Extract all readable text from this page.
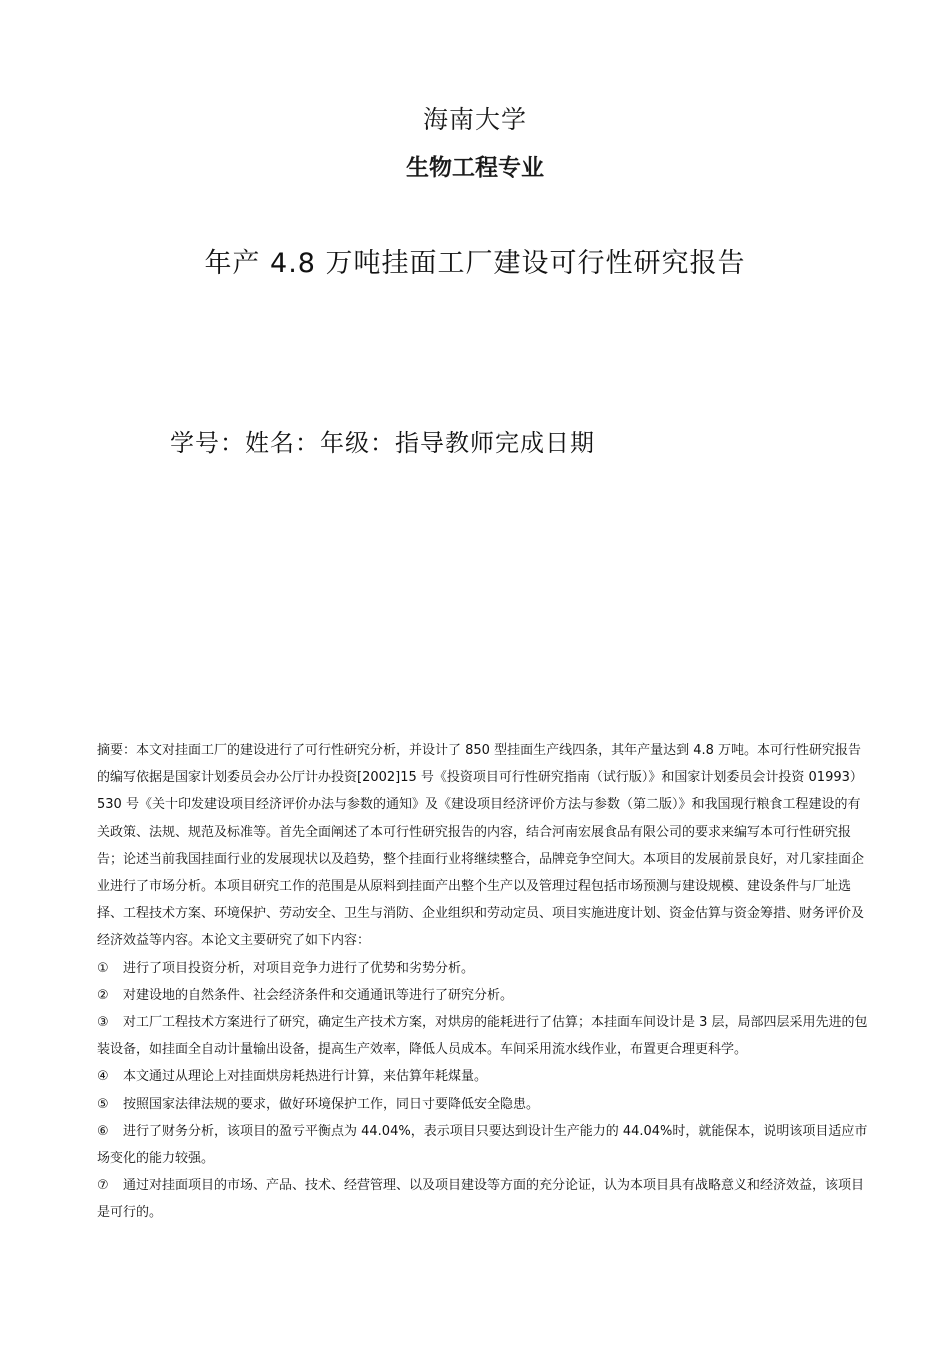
海南大学
生物工程专业
年产 4.8 万吨挂面工厂建设可行性研究报告
学号：姓名：年级：指导教师完成日期

摘要：本文对挂面工厂的建设进行了可行性研究分析，并设计了 850 型挂面生产线四条，其年产量达到 4.8 万吨。本可行性研究报告的编写依据是国家计划委员会办公厅计办投资[2002]15 号《投资项目可行性研究指南（试行版）》和国家计划委员会计投资 01993）530 号《关十印发建设项目经济评价办法与参数的通知》及《建设项目经济评价方法与参数（第二版）》和我国现行粮食工程建设的有关政策、法规、规范及标准等。首先全面阐述了本可行性研究报告的内容，结合河南宏展食品有限公司的要求来编写本可行性研究报告；论述当前我国挂面行业的发展现状以及趋势，整个挂面行业将继续整合，品牌竞争空间大。本项目的发展前景良好，对几家挂面企业进行了市场分析。本项目研究工作的范围是从原料到挂面产出整个生产以及管理过程包括市场预测与建设规模、建设条件与厂址选择、工程技术方案、环境保护、劳动安全、卫生与消防、企业组织和劳动定员、项目实施进度计划、资金估算与资金筹措、财务评价及经济效益等内容。本论文主要研究了如下内容：

① 进行了项目投资分析，对项目竞争力进行了优势和劣势分析。

② 对建设地的自然条件、社会经济条件和交通通讯等进行了研究分析。

③ 对工厂工程技术方案进行了研究，确定生产技术方案，对烘房的能耗进行了估算；本挂面车间设计是 3 层，局部四层采用先进的包装设备，如挂面全自动计量输出设备，提高生产效率，降低人员成本。车间采用流水线作业，布置更合理更科学。

④ 本文通过从理论上对挂面烘房耗热进行计算，来估算年耗煤量。

⑤ 按照国家法律法规的要求，做好环境保护工作，同日寸要降低安全隐患。

⑥ 进行了财务分析，该项目的盈亏平衡点为 44.04%，表示项目只要达到设计生产能力的 44.04%时，就能保本，说明该项目适应市场变化的能力较强。

⑦ 通过对挂面项目的市场、产品、技术、经营管理、以及项目建设等方面的充分论证，认为本项目具有战略意义和经济效益，该项目是可行的。
